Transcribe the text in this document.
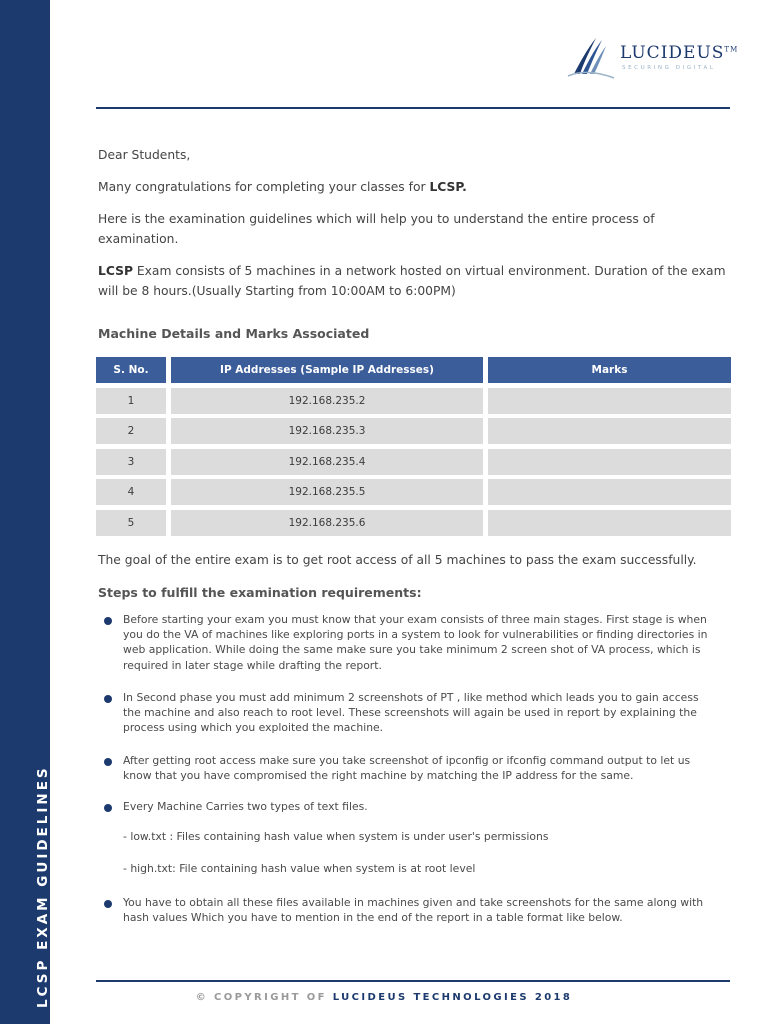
LCSP EXAM GUIDELINES
LUCIDEUS™
SECURING DIGITAL
Dear Students,
Many congratulations for completing your classes for LCSP.
Here is the examination guidelines which will help you to understand the entire process of examination.
LCSP Exam consists of 5 machines in a network hosted on virtual environment. Duration of the exam will be 8 hours.(Usually Starting from 10:00AM to 6:00PM)
Machine Details and Marks Associated
S. No.	IP Addresses (Sample IP Addresses)	Marks
1	192.168.235.2
2	192.168.235.3
3	192.168.235.4
4	192.168.235.5
5	192.168.235.6
The goal of the entire exam is to get root access of all 5 machines to pass the exam successfully.
Steps to fulfill the examination requirements:
Before starting your exam you must know that your exam consists of three main stages. First stage is when you do the VA of machines like exploring ports in a system to look for vulnerabilities or finding directories in web application. While doing the same make sure you take minimum 2 screen shot of VA process, which is required in later stage while drafting the report.
In Second phase you must add minimum 2 screenshots of PT , like method which leads you to gain access the machine and also reach to root level. These screenshots will again be used in report by explaining the process using which you exploited the machine.
After getting root access make sure you take screenshot of ipconfig or ifconfig command output to let us know that you have compromised the right machine by matching the IP address for the same.
Every Machine Carries two types of text files.
You have to obtain all these files available in machines given and take screenshots for the same along with hash values Which you have to mention in the end of the report in a table format like below.
- low.txt : Files containing hash value when system is under user's permissions
- high.txt: File containing hash value when system is at root level
© COPYRIGHT OF LUCIDEUS TECHNOLOGIES 2018
